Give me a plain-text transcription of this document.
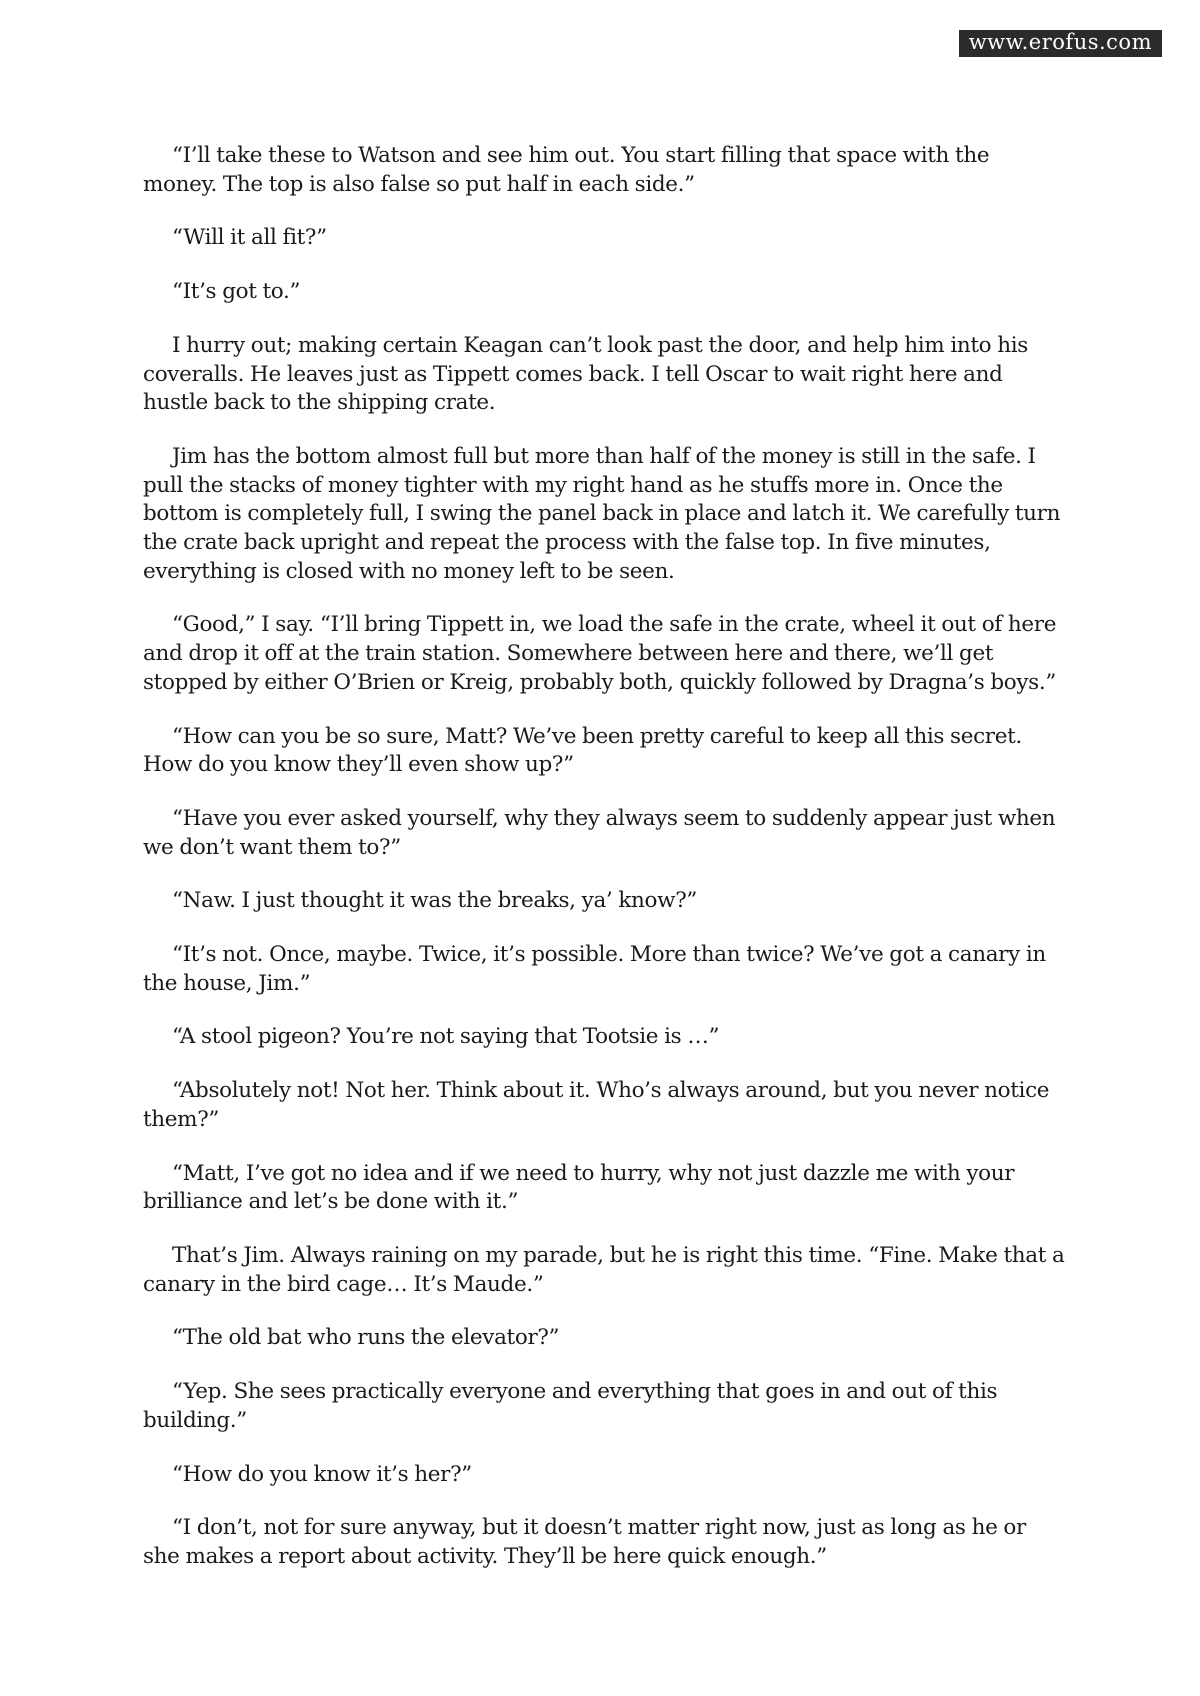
www.erofus.com

“I’ll take these to Watson and see him out. You start filling that space with the money. The top is also false so put half in each side.”

“Will it all fit?”

“It’s got to.”

I hurry out; making certain Keagan can’t look past the door, and help him into his coveralls. He leaves just as Tippett comes back. I tell Oscar to wait right here and hustle back to the shipping crate.

Jim has the bottom almost full but more than half of the money is still in the safe. I pull the stacks of money tighter with my right hand as he stuffs more in. Once the bottom is completely full, I swing the panel back in place and latch it. We carefully turn the crate back upright and repeat the process with the false top. In five minutes, everything is closed with no money left to be seen.

“Good,” I say. “I’ll bring Tippett in, we load the safe in the crate, wheel it out of here and drop it off at the train station. Somewhere between here and there, we’ll get stopped by either O’Brien or Kreig, probably both, quickly followed by Dragna’s boys.”

“How can you be so sure, Matt? We’ve been pretty careful to keep all this secret. How do you know they’ll even show up?”

“Have you ever asked yourself, why they always seem to suddenly appear just when we don’t want them to?”

“Naw. I just thought it was the breaks, ya’ know?”

“It’s not. Once, maybe. Twice, it’s possible. More than twice? We’ve got a canary in the house, Jim.”

“A stool pigeon? You’re not saying that Tootsie is …”

“Absolutely not! Not her. Think about it. Who’s always around, but you never notice them?”

“Matt, I’ve got no idea and if we need to hurry, why not just dazzle me with your brilliance and let’s be done with it.”

That’s Jim. Always raining on my parade, but he is right this time. “Fine. Make that a canary in the bird cage… It’s Maude.”

“The old bat who runs the elevator?”

“Yep. She sees practically everyone and everything that goes in and out of this building.”

“How do you know it’s her?”

“I don’t, not for sure anyway, but it doesn’t matter right now, just as long as he or she makes a report about activity. They’ll be here quick enough.”
